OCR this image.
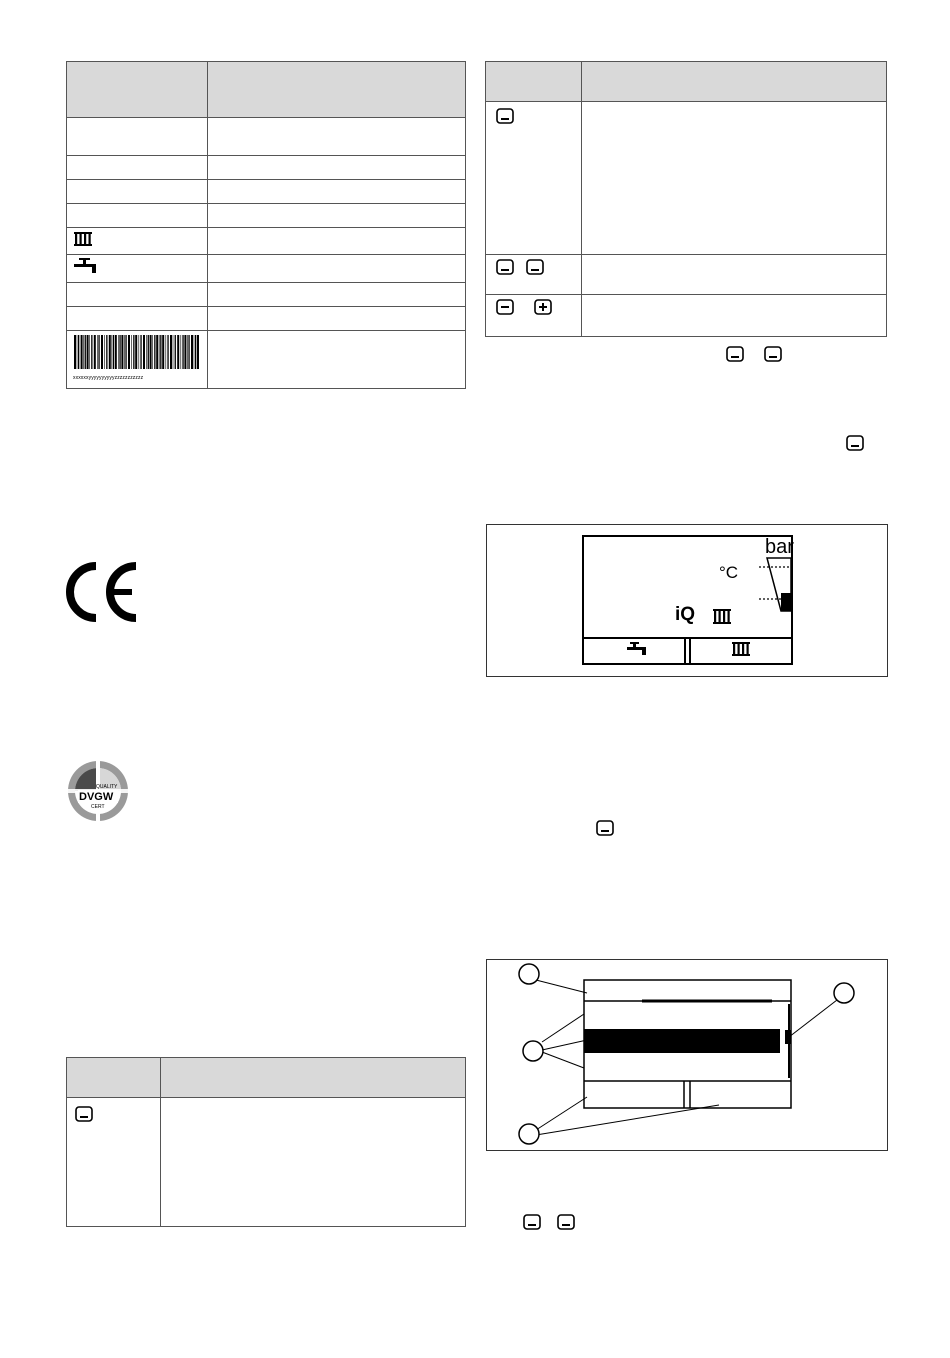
xxxxxxyyyyyyyyyyzzzzzzzzzzz	

QUALITY
DVGW
CERT

bar
°C
iQ
